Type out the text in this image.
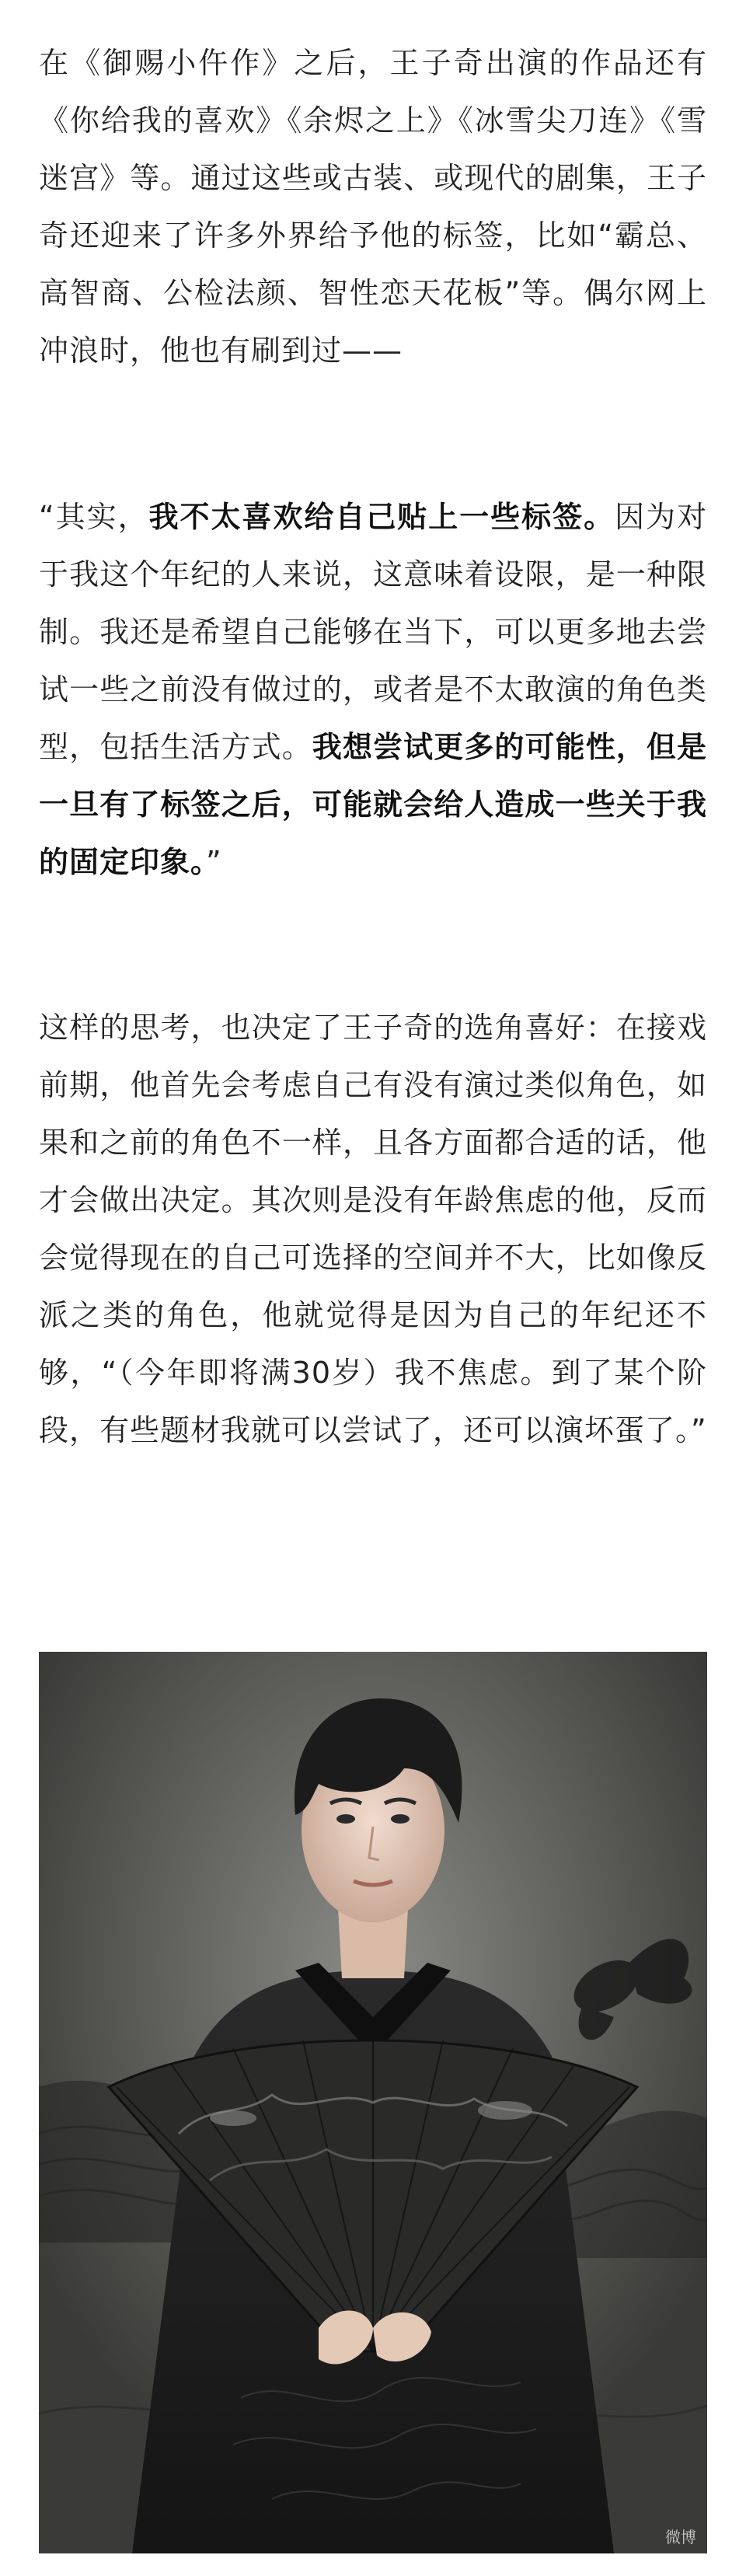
在《御赐小仵作》之后，王子奇出演的作品还有《你给我的喜欢》《余烬之上》《冰雪尖刀连》《雪迷宫》等。通过这些或古装、或现代的剧集，王子奇还迎来了许多外界给予他的标签，比如“霸总、高智商、公检法颜、智性恋天花板”等。偶尔网上冲浪时，他也有刷到过——

“其实，我不太喜欢给自己贴上一些标签。因为对于我这个年纪的人来说，这意味着设限，是一种限制。我还是希望自己能够在当下，可以更多地去尝试一些之前没有做过的，或者是不太敢演的角色类型，包括生活方式。我想尝试更多的可能性，但是一旦有了标签之后，可能就会给人造成一些关于我的固定印象。”

这样的思考，也决定了王子奇的选角喜好：在接戏前期，他首先会考虑自己有没有演过类似角色，如果和之前的角色不一样，且各方面都合适的话，他才会做出决定。其次则是没有年龄焦虑的他，反而会觉得现在的自己可选择的空间并不大，比如像反派之类的角色，他就觉得是因为自己的年纪还不够，“（今年即将满30岁）我不焦虑。到了某个阶段，有些题材我就可以尝试了，还可以演坏蛋了。”

微博
